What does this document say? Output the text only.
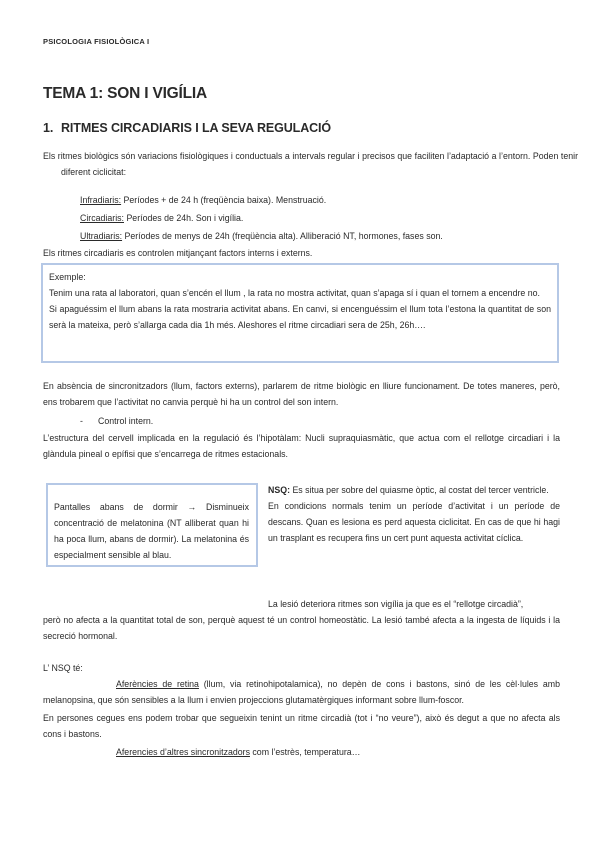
PSICOLOGIA FISIOLÒGICA I
TEMA 1: SON I VIGÍLIA
1. RITMES CIRCADIARIS I LA SEVA REGULACIÓ
Els ritmes biològics són variacions fisiològiques i conductuals a intervals regular i precisos que faciliten l’adaptació a l’entorn. Poden tenir diferent ciclicitat:
Infradiaris: Períodes + de 24 h (freqüència baixa). Menstruació.
Circadiaris: Períodes de 24h. Son i vigília.
Ultradiaris: Períodes de menys de 24h (freqüència alta). Alliberació NT, hormones, fases son.
Els ritmes circadiaris es controlen mitjançant factors interns i externs.
Exemple:
Tenim una rata al laboratori, quan s’encén el llum , la rata no mostra activitat, quan s’apaga sí i quan el tornem a encendre no.
Si apaguéssim el llum abans la rata mostraria activitat abans. En canvi, si encenguéssim el llum tota l’estona la quantitat de son serà la mateixa, però s’allarga cada dia 1h més. Aleshores el ritme circadiari sera de 25h, 26h….
En absència de sincronitzadors (llum, factors externs), parlarem de ritme biològic en lliure funcionament. De totes maneres, però, ens trobarem que l’activitat no canvia perquè hi ha un control del son intern.
- Control intern.
L’estructura del cervell implicada en la regulació és l’hipotàlam: Nucli supraquiasmàtic, que actua com el rellotge circadiari i la glàndula pineal o epífisi que s’encarrega de ritmes estacionals.
Pantalles abans de dormir → Disminueix concentració de melatonina (NT alliberat quan hi ha poca llum, abans de dormir). La melatonina és especialment sensible al blau.
NSQ: Es situa per sobre del quiasme òptic, al costat del tercer ventricle.
En condicions normals tenim un període d’activitat i un període de descans. Quan es lesiona es perd aquesta ciclicitat. En cas de que hi hagi un trasplant es recupera fins un cert punt aquesta activitat cíclica.
La lesió deteriora ritmes son vigília ja que es el “rellotge circadià”,
però no afecta a la quantitat total de son, perquè aquest té un control homeostàtic. La lesió també afecta a la ingesta de líquids i la secreció hormonal.
L’ NSQ té:
Aferències de retina (llum, via retinohipotalamica), no depèn de cons i bastons, sinó de les cèl·lules amb melanopsina, que són sensibles a la llum i envien projeccions glutamatèrgiques informant sobre llum-foscor.
En persones cegues ens podem trobar que segueixin tenint un ritme circadià (tot i “no veure”), això és degut a que no afecta als cons i bastons.
Aferencies d’altres sincronitzadors com l’estrès, temperatura…
